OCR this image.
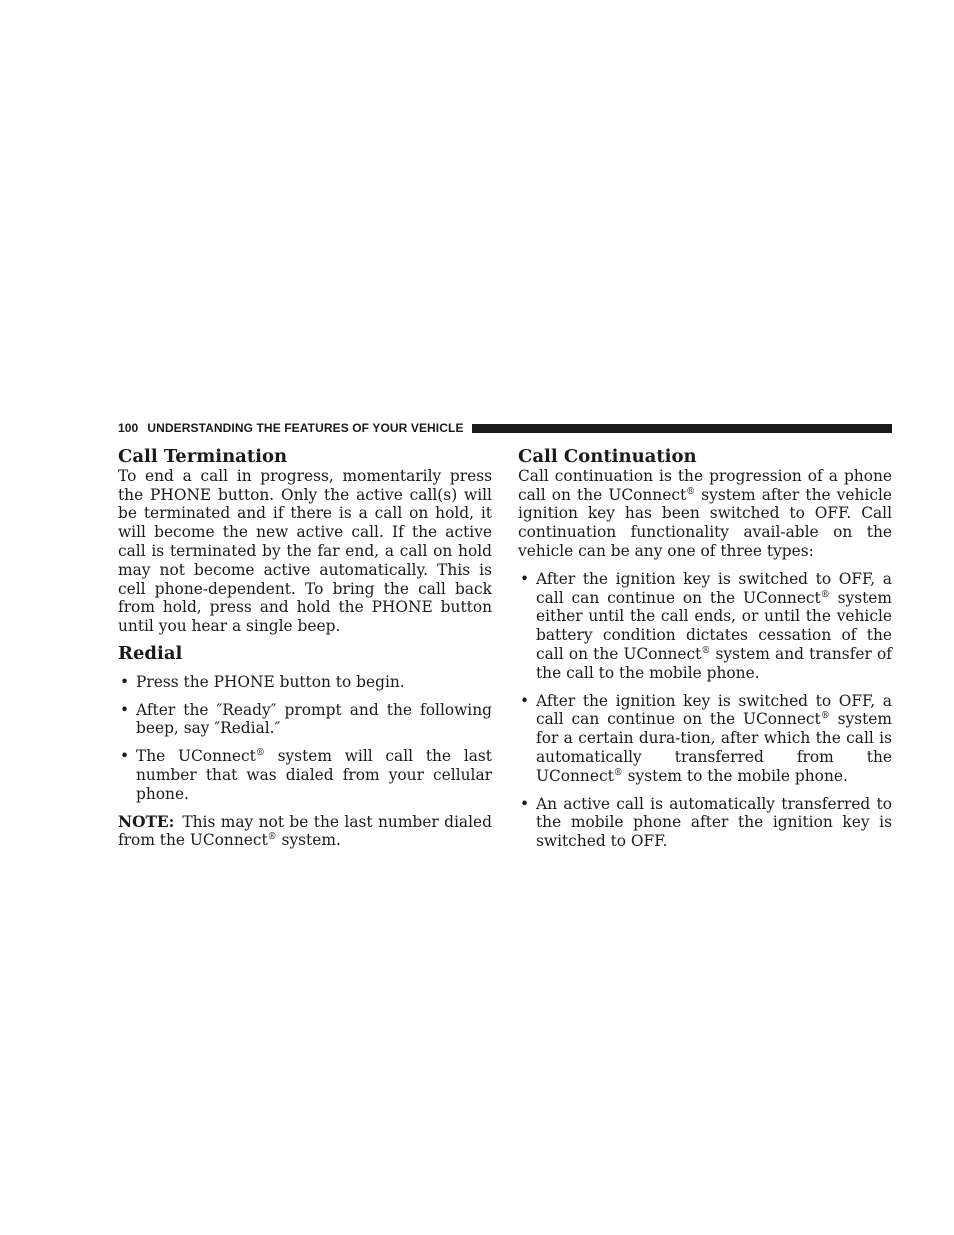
100 UNDERSTANDING THE FEATURES OF YOUR VEHICLE
Call Termination

To end a call in progress, momentarily press the PHONE button. Only the active call(s) will be terminated and if there is a call on hold, it will become the new active call. If the active call is terminated by the far end, a call on hold may not become active automatically. This is cell phone-dependent. To bring the call back from hold, press and hold the PHONE button until you hear a single beep.

Redial
• Press the PHONE button to begin.
• After the ″Ready″ prompt and the following beep, say ″Redial.″
• The UConnect® system will call the last number that was dialed from your cellular phone.

NOTE: This may not be the last number dialed from the UConnect® system.

Call Continuation

Call continuation is the progression of a phone call on the UConnect® system after the vehicle ignition key has been switched to OFF. Call continuation functionality avail-able on the vehicle can be any one of three types:

• After the ignition key is switched to OFF, a call can continue on the UConnect® system either until the call ends, or until the vehicle battery condition dictates cessation of the call on the UConnect® system and transfer of the call to the mobile phone.
• After the ignition key is switched to OFF, a call can continue on the UConnect® system for a certain dura-tion, after which the call is automatically transferred from the UConnect® system to the mobile phone.
• An active call is automatically transferred to the mobile phone after the ignition key is switched to OFF.
